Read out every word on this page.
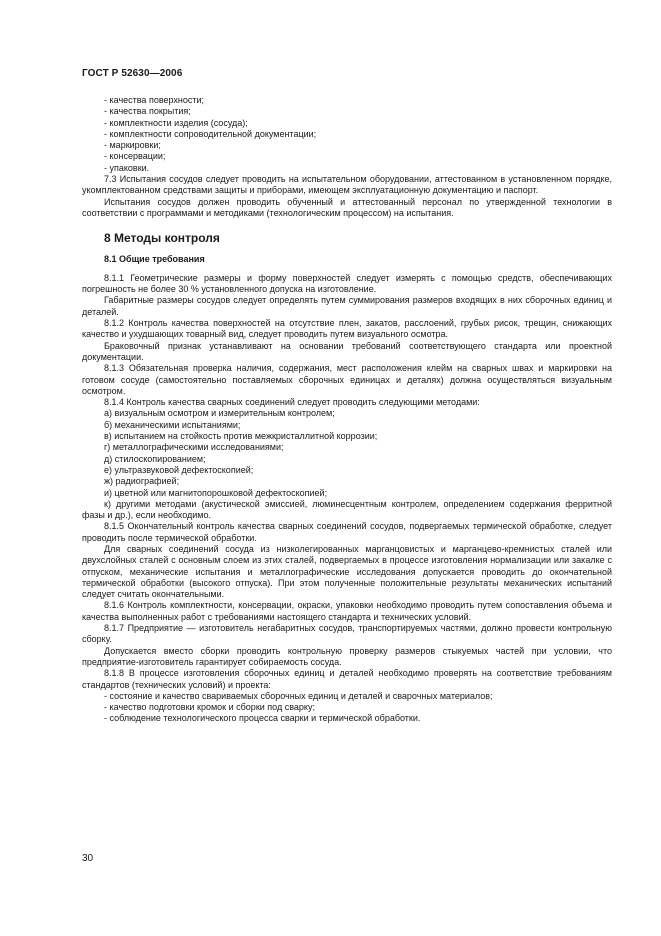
ГОСТ Р 52630—2006

- качества поверхности;

- качества покрытия;

- комплектности изделия (сосуда);

- комплектности сопроводительной документации;

- маркировки;

- консервации;

- упаковки.

7.3 Испытания сосудов следует проводить на испытательном оборудовании, аттестованном в установленном порядке, укомплектованном средствами защиты и приборами, имеющем эксплуатационную документацию и паспорт.

Испытания сосудов должен проводить обученный и аттестованный персонал по утвержденной технологии в соответствии с программами и методиками (технологическим процессом) на испытания.

8 Методы контроля

8.1 Общие требования

8.1.1 Геометрические размеры и форму поверхностей следует измерять с помощью средств, обеспечивающих погрешность не более 30 % установленного допуска на изготовление.

Габаритные размеры сосудов следует определять путем суммирования размеров входящих в них сборочных единиц и деталей.

8.1.2 Контроль качества поверхностей на отсутствие плен, закатов, расслоений, грубых рисок, трещин, снижающих качество и ухудшающих товарный вид, следует проводить путем визуального осмотра.

Браковочный признак устанавливают на основании требований соответствующего стандарта или проектной документации.

8.1.3 Обязательная проверка наличия, содержания, мест расположения клейм на сварных швах и маркировки на готовом сосуде (самостоятельно поставляемых сборочных единицах и деталях) должна осуществляться визуальным осмотром.

8.1.4 Контроль качества сварных соединений следует проводить следующими методами:

а) визуальным осмотром и измерительным контролем;

б) механическими испытаниями;

в) испытанием на стойкость против межкристаллитной коррозии;

г) металлографическими исследованиями;

д) стилоскопированием;

е) ультразвуковой дефектоскопией;

ж) радиографией;

и) цветной или магнитопорошковой дефектоскопией;

к) другими методами (акустической эмиссией, люминесцентным контролем, определением содержания ферритной фазы и др.), если необходимо.

8.1.5 Окончательный контроль качества сварных соединений сосудов, подвергаемых термической обработке, следует проводить после термической обработки.

Для сварных соединений сосуда из низколегированных марганцовистых и марганцево-кремнистых сталей или двухслойных сталей с основным слоем из этих сталей, подвергаемых в процессе изготовления нормализации или закалке с отпуском, механические испытания и металлографические исследования допускается проводить до окончательной термической обработки (высокого отпуска). При этом полученные положительные результаты механических испытаний следует считать окончательными.

8.1.6 Контроль комплектности, консервации, окраски, упаковки необходимо проводить путем сопоставления объема и качества выполненных работ с требованиями настоящего стандарта и технических условий.

8.1.7 Предприятие — изготовитель негабаритных сосудов, транспортируемых частями, должно провести контрольную сборку.

Допускается вместо сборки проводить контрольную проверку размеров стыкуемых частей при условии, что предприятие-изготовитель гарантирует собираемость сосуда.

8.1.8 В процессе изготовления сборочных единиц и деталей необходимо проверять на соответствие требованиям стандартов (технических условий) и проекта:

- состояние и качество свариваемых сборочных единиц и деталей и сварочных материалов;

- качество подготовки кромок и сборки под сварку;

- соблюдение технологического процесса сварки и термической обработки.

30
